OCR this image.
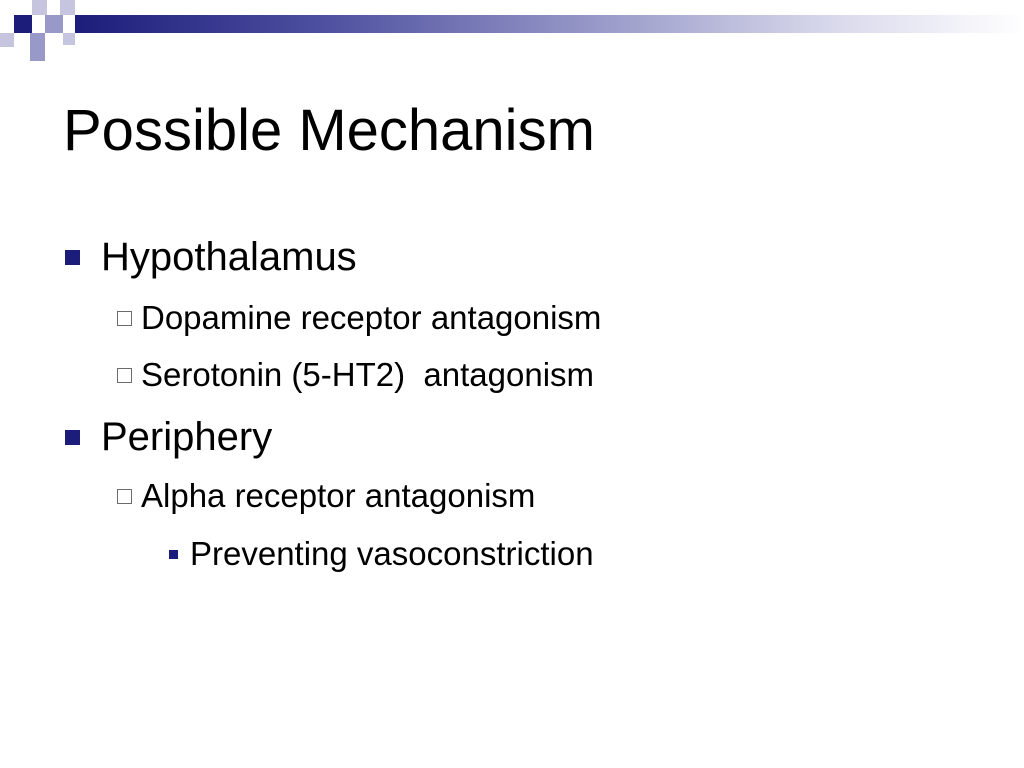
Possible Mechanism
Hypothalamus
Dopamine receptor antagonism
Serotonin (5-HT2)  antagonism
Periphery
Alpha receptor antagonism
Preventing vasoconstriction
